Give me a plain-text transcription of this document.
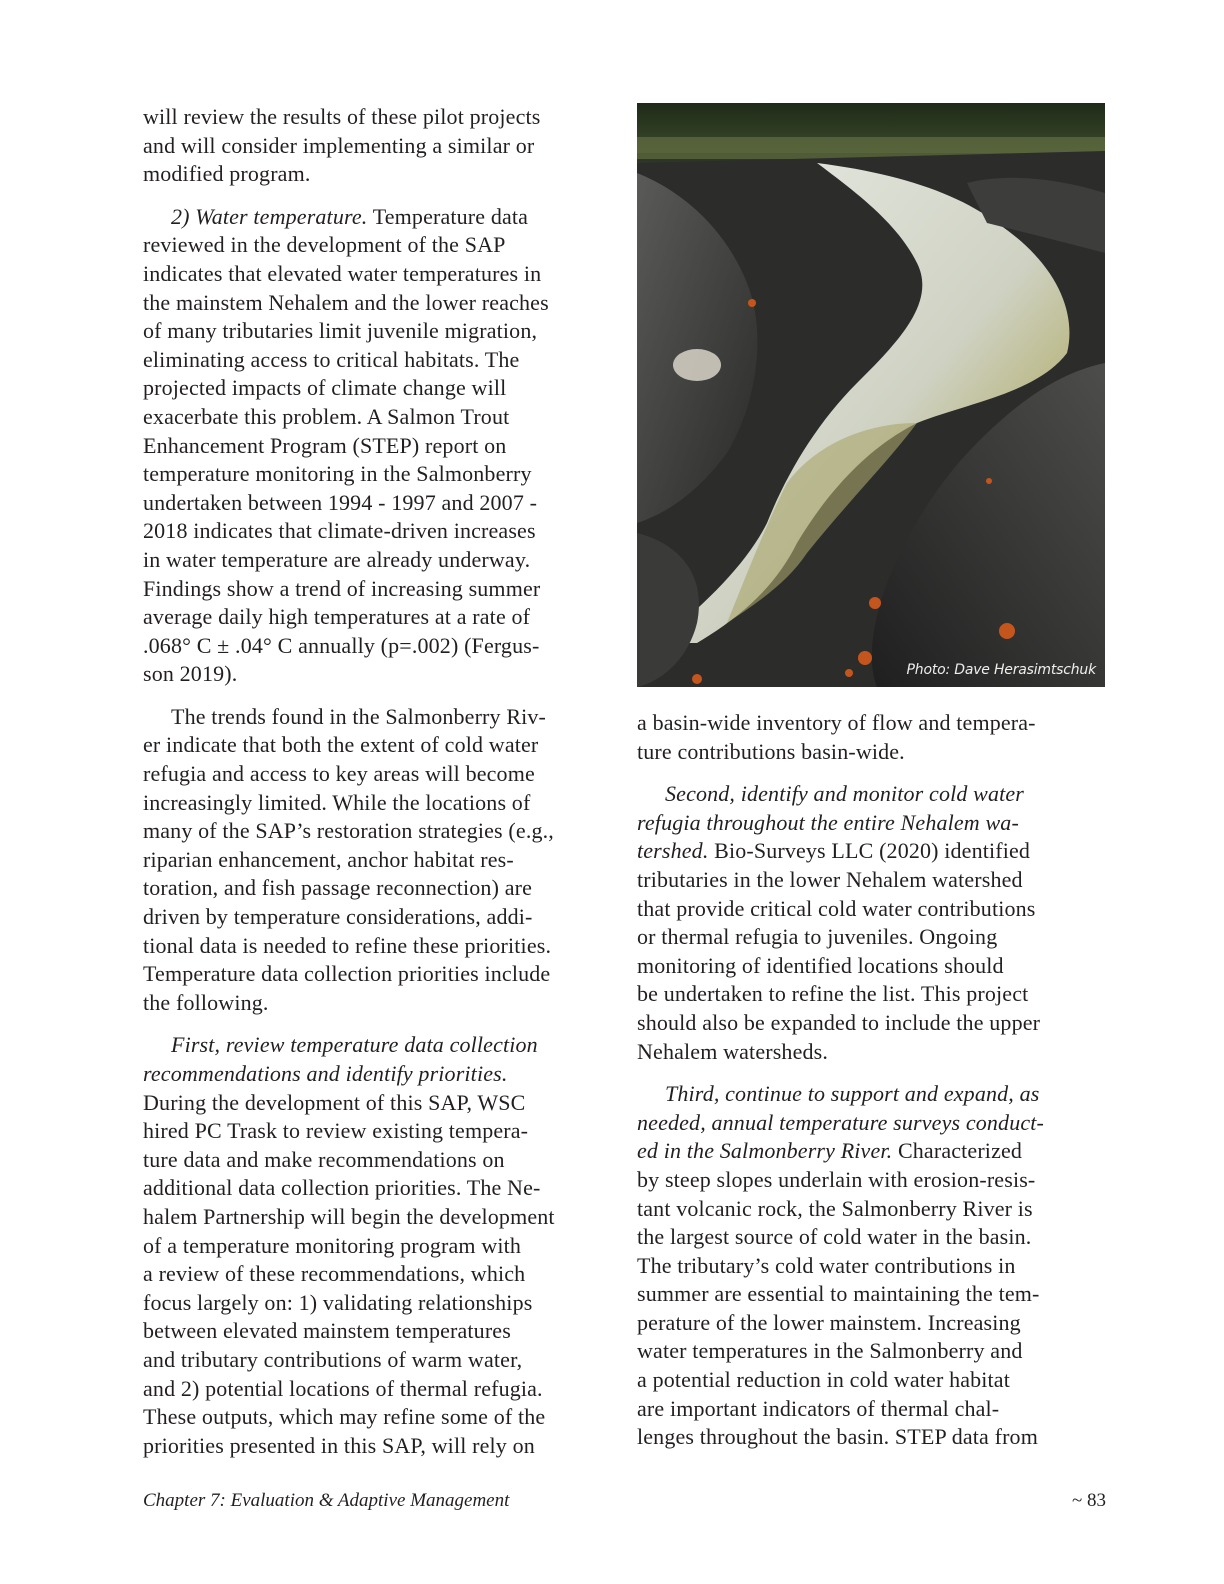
will review the results of these pilot projects
and will consider implementing a similar or
modified program.

2) Water temperature. Temperature data
reviewed in the development of the SAP
indicates that elevated water temperatures in
the mainstem Nehalem and the lower reaches
of many tributaries limit juvenile migration,
eliminating access to critical habitats. The
projected impacts of climate change will
exacerbate this problem. A Salmon Trout
Enhancement Program (STEP) report on
temperature monitoring in the Salmonberry
undertaken between 1994 - 1997 and 2007 -
2018 indicates that climate-driven increases
in water temperature are already underway.
Findings show a trend of increasing summer
average daily high temperatures at a rate of
.068° C ± .04° C annually (p=.002) (Fergus-
son 2019).

The trends found in the Salmonberry Riv-
er indicate that both the extent of cold water
refugia and access to key areas will become
increasingly limited. While the locations of
many of the SAP’s restoration strategies (e.g.,
riparian enhancement, anchor habitat res-
toration, and fish passage reconnection) are
driven by temperature considerations, addi-
tional data is needed to refine these priorities.
Temperature data collection priorities include
the following.

First, review temperature data collection
recommendations and identify priorities.
During the development of this SAP, WSC
hired PC Trask to review existing tempera-
ture data and make recommendations on
additional data collection priorities. The Ne-
halem Partnership will begin the development
of a temperature monitoring program with
a review of these recommendations, which
focus largely on: 1) validating relationships
between elevated mainstem temperatures
and tributary contributions of warm water,
and 2) potential locations of thermal refugia.
These outputs, which may refine some of the
priorities presented in this SAP, will rely on

Photo: Dave Herasimtschuk

a basin-wide inventory of flow and tempera-
ture contributions basin-wide.

Second, identify and monitor cold water
refugia throughout the entire Nehalem wa-
tershed. Bio-Surveys LLC (2020) identified
tributaries in the lower Nehalem watershed
that provide critical cold water contributions
or thermal refugia to juveniles. Ongoing
monitoring of identified locations should
be undertaken to refine the list. This project
should also be expanded to include the upper
Nehalem watersheds.

Third, continue to support and expand, as
needed, annual temperature surveys conduct-
ed in the Salmonberry River. Characterized
by steep slopes underlain with erosion-resis-
tant volcanic rock, the Salmonberry River is
the largest source of cold water in the basin.
The tributary’s cold water contributions in
summer are essential to maintaining the tem-
perature of the lower mainstem. Increasing
water temperatures in the Salmonberry and
a potential reduction in cold water habitat
are important indicators of thermal chal-
lenges throughout the basin. STEP data from

Chapter 7: Evaluation & Adaptive Management	~ 83
